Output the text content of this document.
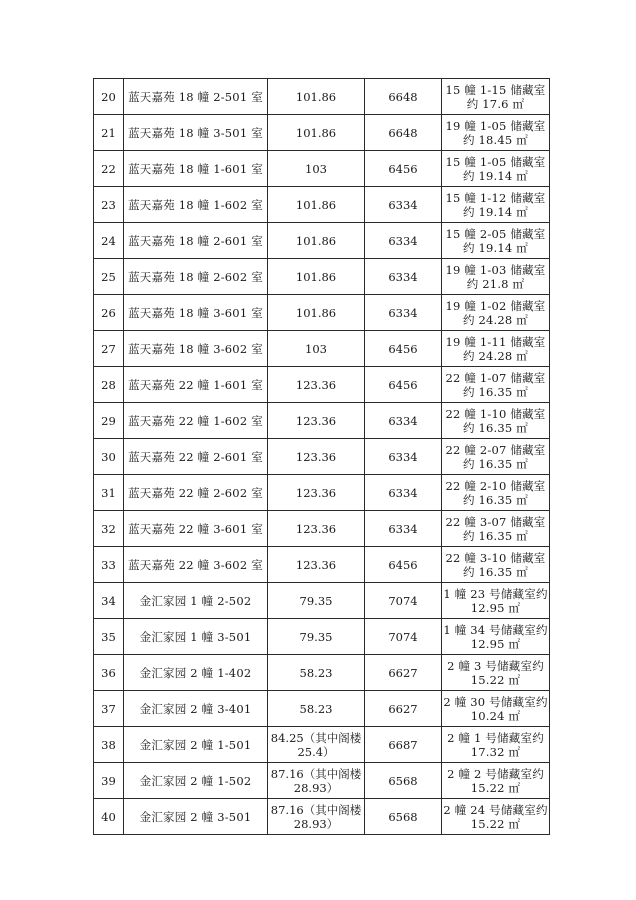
20	蓝天嘉苑 18 幢 2-501 室	101.86	6648	15 幢 1-15 储藏室约 17.6 ㎡

21	蓝天嘉苑 18 幢 3-501 室	101.86	6648	19 幢 1-05 储藏室约 18.45 ㎡

22	蓝天嘉苑 18 幢 1-601 室	103	6456	15 幢 1-05 储藏室约 19.14 ㎡

23	蓝天嘉苑 18 幢 1-602 室	101.86	6334	15 幢 1-12 储藏室约 19.14 ㎡

24	蓝天嘉苑 18 幢 2-601 室	101.86	6334	15 幢 2-05 储藏室约 19.14 ㎡

25	蓝天嘉苑 18 幢 2-602 室	101.86	6334	19 幢 1-03 储藏室约 21.8 ㎡

26	蓝天嘉苑 18 幢 3-601 室	101.86	6334	19 幢 1-02 储藏室约 24.28 ㎡

27	蓝天嘉苑 18 幢 3-602 室	103	6456	19 幢 1-11 储藏室约 24.28 ㎡

28	蓝天嘉苑 22 幢 1-601 室	123.36	6456	22 幢 1-07 储藏室约 16.35 ㎡

29	蓝天嘉苑 22 幢 1-602 室	123.36	6334	22 幢 1-10 储藏室约 16.35 ㎡

30	蓝天嘉苑 22 幢 2-601 室	123.36	6334	22 幢 2-07 储藏室约 16.35 ㎡

31	蓝天嘉苑 22 幢 2-602 室	123.36	6334	22 幢 2-10 储藏室约 16.35 ㎡

32	蓝天嘉苑 22 幢 3-601 室	123.36	6334	22 幢 3-07 储藏室约 16.35 ㎡

33	蓝天嘉苑 22 幢 3-602 室	123.36	6456	22 幢 3-10 储藏室约 16.35 ㎡

34	金汇家园 1 幢 2-502	79.35	7074	1 幢 23 号储藏室约 12.95 ㎡

35	金汇家园 1 幢 3-501	79.35	7074	1 幢 34 号储藏室约 12.95 ㎡

36	金汇家园 2 幢 1-402	58.23	6627	2 幢 3 号储藏室约 15.22 ㎡

37	金汇家园 2 幢 3-401	58.23	6627	2 幢 30 号储藏室约 10.24 ㎡

38	金汇家园 2 幢 1-501	84.25（其中阁楼 25.4）	6687	2 幢 1 号储藏室约 17.32 ㎡

39	金汇家园 2 幢 1-502	87.16（其中阁楼 28.93）	6568	2 幢 2 号储藏室约 15.22 ㎡

40	金汇家园 2 幢 3-501	87.16（其中阁楼 28.93）	6568	2 幢 24 号储藏室约 15.22 ㎡
